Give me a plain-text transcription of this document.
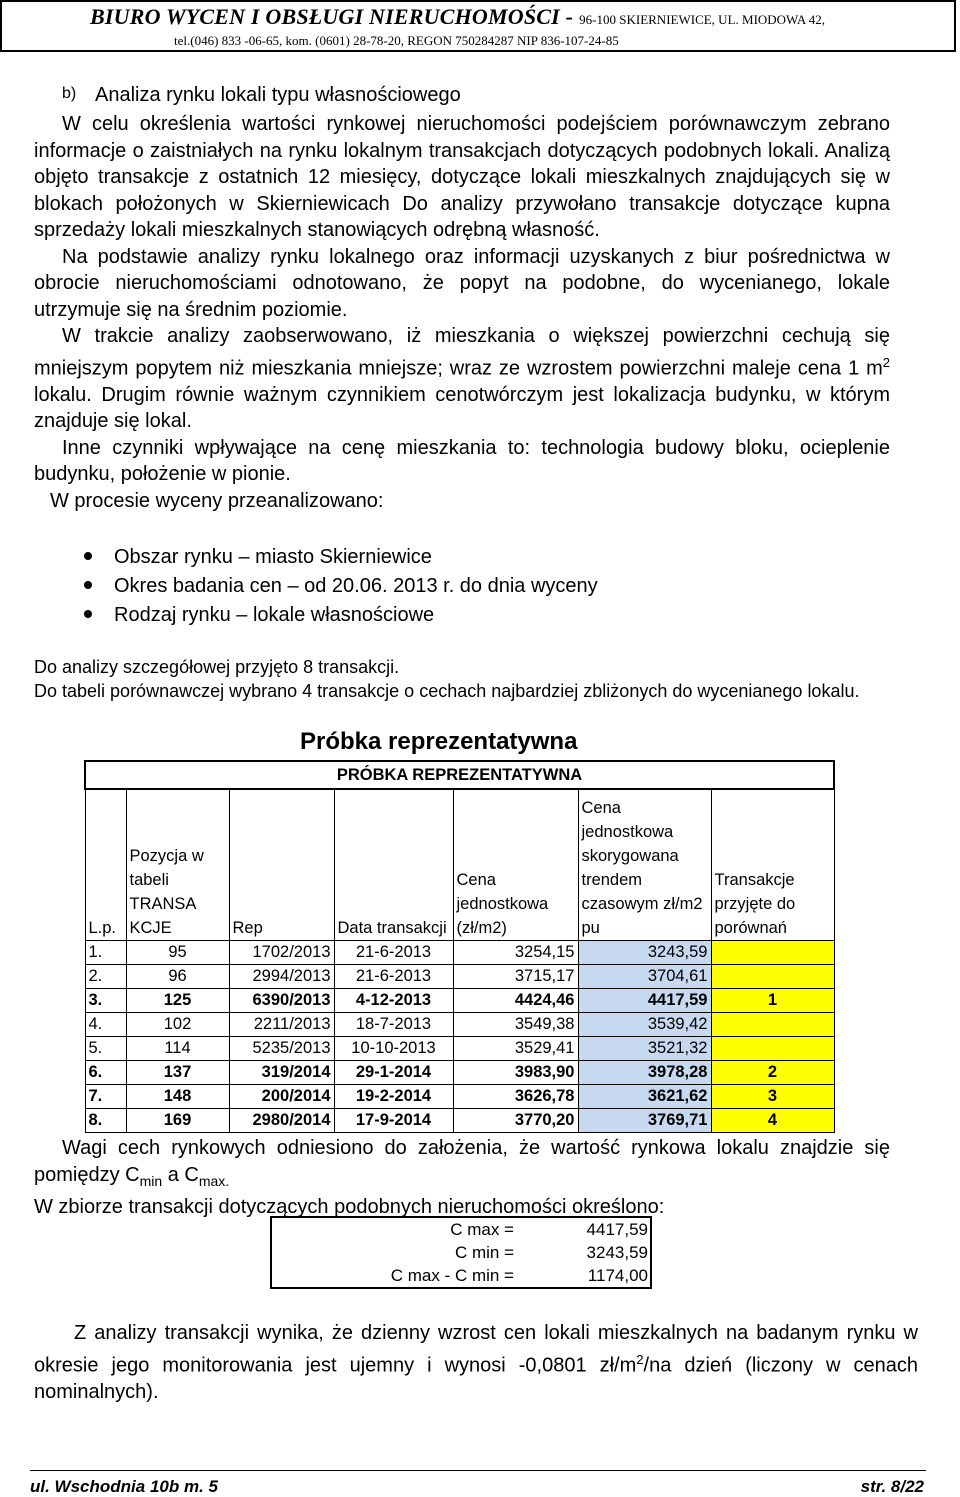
BIURO WYCEN I OBSŁUGI NIERUCHOMOŚCI - 96-100 SKIERNIEWICE, UL. MIODOWA 42,
tel.(046) 833 -06-65, kom. (0601) 28-78-20, REGON 750284287 NIP 836-107-24-85
b) Analiza rynku lokali typu własnościowego

W celu określenia wartości rynkowej nieruchomości podejściem porównawczym zebrano informacje o zaistniałych na rynku lokalnym transakcjach dotyczących podobnych lokali. Analizą objęto transakcje z ostatnich 12 miesięcy, dotyczące lokali mieszkalnych znajdujących się w blokach położonych w Skierniewicach Do analizy przywołano transakcje dotyczące kupna sprzedaży lokali mieszkalnych stanowiących odrębną własność.

Na podstawie analizy rynku lokalnego oraz informacji uzyskanych z biur pośrednictwa w obrocie nieruchomościami odnotowano, że popyt na podobne, do wycenianego, lokale utrzymuje się na średnim poziomie.

W trakcie analizy zaobserwowano, iż mieszkania o większej powierzchni cechują się mniejszym popytem niż mieszkania mniejsze; wraz ze wzrostem powierzchni maleje cena 1 $m^2$ lokalu. Drugim równie ważnym czynnikiem cenotwórczym jest lokalizacja budynku, w którym znajduje się lokal.

Inne czynniki wpływające na cenę mieszkania to: technologia budowy bloku, ocieplenie budynku, położenie w pionie.

W procesie wyceny przeanalizowano:

Obszar rynku – miasto Skierniewice
Okres badania cen – od 20.06. 2013 r. do dnia wyceny
Rodzaj rynku – lokale własnościowe
Do analizy szczegółowej przyjęto 8 transakcji.
Do tabeli porównawczej wybrano 4 transakcje o cechach najbardziej zbliżonych do wycenianego lokalu.
Próbka reprezentatywna
PRÓBKA REPREZENTATYWNA						
L.p.	Pozycja w tabeli TRANSA KCJE	Rep	Data transakcji	Cena jednostkowa (zł/m2)	Cena jednostkowa skorygowana trendem czasowym zł/m2 pu	Transakcje przyjęte do porównań
1.	95	1702/2013	21-6-2013	3254,15	3243,59	
2.	96	2994/2013	21-6-2013	3715,17	3704,61	
3.	125	6390/2013	4-12-2013	4424,46	4417,59	1
4.	102	2211/2013	18-7-2013	3549,38	3539,42	
5.	114	5235/2013	10-10-2013	3529,41	3521,32	
6.	137	319/2014	29-1-2014	3983,90	3978,28	2
7.	148	200/2014	19-2-2014	3626,78	3621,62	3
8.	169	2980/2014	17-9-2014	3770,20	3769,71	4

Wagi cech rynkowych odniesiono do założenia, że wartość rynkowa lokalu znajdzie się pomiędzy $C_{min}$ a $C_{max.}$

W zbiorze transakcji dotyczących podobnych nieruchomości określono:

C max =	4417,59
C min =	3243,59
C max - C min =	1174,00

Z analizy transakcji wynika, że dzienny wzrost cen lokali mieszkalnych na badanym rynku w okresie jego monitorowania jest ujemny i wynosi -0,0801 $zł/m^2/na$ dzień (liczony w cenach nominalnych).

ul. Wschodnia 10b m. 5	str. 8/22
